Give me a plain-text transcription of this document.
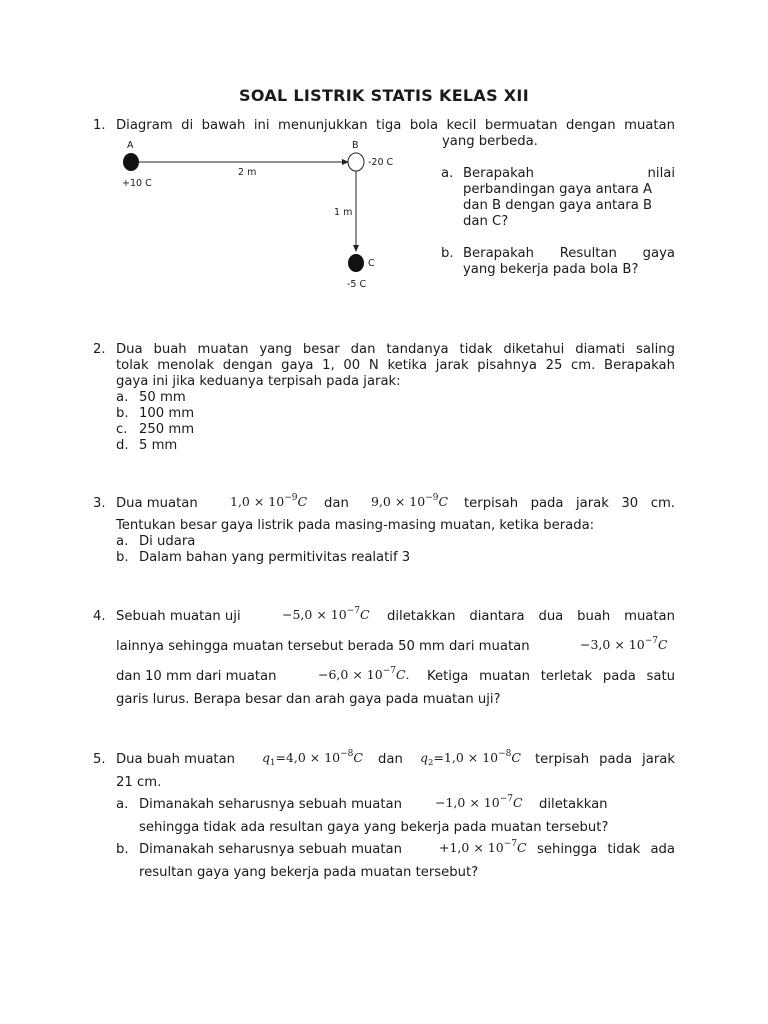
SOAL LISTRIK STATIS KELAS XII
1. Diagram di bawah ini menunjukkan tiga bola kecil bermuatan dengan muatan
yang berbeda.
A
+10 C
B
-20 C
2 m
1 m
C
-5 C
a. Berapakah nilai
perbandingan gaya antara A
dan B dengan gaya antara B
dan C?
b. Berapakah Resultan gaya
yang bekerja pada bola B?
2. Dua buah muatan yang besar dan tandanya tidak diketahui diamati saling
tolak menolak dengan gaya 1, 00 N ketika jarak pisahnya 25 cm. Berapakah
gaya ini jika keduanya terpisah pada jarak:
a. 50 mm
b. 100 mm
c. 250 mm
d. 5 mm
3. Dua muatan	$1,0 \times 10^{-9}C$ dan $9,0 \times 10^{-9}C$ terpisah pada jarak 30 cm.
Tentukan besar gaya listrik pada masing-masing muatan, ketika berada:
a. Di udara
b. Dalam bahan yang permitivitas realatif 3
4. Sebuah muatan uji	$-5,0 \times 10^{-7}C$ diletakkan diantara dua buah muatan
lainnya sehingga muatan tersebut berada 50 mm dari muatan	$-3,0 \times 10^{-7}C$
dan 10 mm dari muatan	$-6,0 \times 10^{-7}C$. Ketiga muatan terletak pada satu
garis lurus. Berapa besar dan arah gaya pada muatan uji?
5. Dua buah muatan $q_1=4,0 \times 10^{-8}C$ dan $q_2=1,0 \times 10^{-8}C$ terpisah pada jarak
21 cm.
a. Dimanakah seharusnya sebuah muatan	$-1,0 \times 10^{-7}C$ diletakkan
sehingga tidak ada resultan gaya yang bekerja pada muatan tersebut?
b. Dimanakah seharusnya sebuah muatan	$+1,0 \times 10^{-7}C$ sehingga tidak ada
resultan gaya yang bekerja pada muatan tersebut?
